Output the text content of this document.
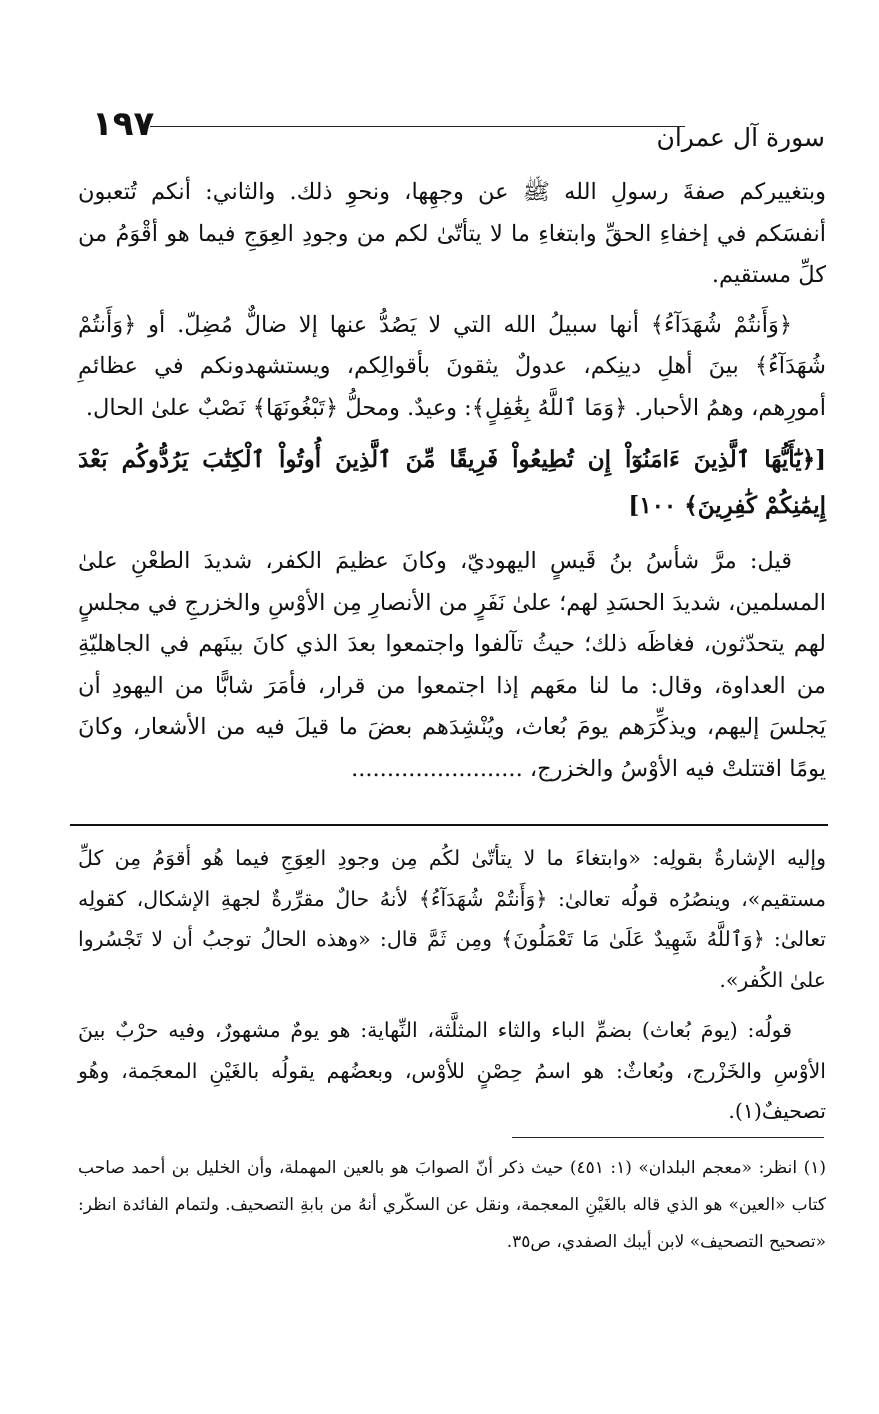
١٩٧	سورة آل عمران

وبتغييركم صفةَ رسولِ الله ﷺ عن وجهِها، ونحوِ ذلك. والثاني: أنكم تُتعبون أنفسَكم في إخفاءِ الحقِّ وابتغاءِ ما لا يتأتّىٰ لكم من وجودِ العِوَجِ فيما هو أقْوَمُ من كلِّ مستقيم.

﴿وَأَنتُمْ شُهَدَآءُ﴾ أنها سبيلُ الله التي لا يَصُدُّ عنها إلا ضالٌّ مُضِلّ. أو ﴿وَأَنتُمْ شُهَدَآءُ﴾ بينَ أهلِ دينِكم، عدولٌ يثقونَ بأقوالِكم، ويستشهدونكم في عظائمِ أمورِهم، وهمُ الأحبار. ﴿وَمَا ٱللَّهُ بِغَٰفِلٍ﴾: وعيدٌ. ومحلُّ ﴿تَبْغُونَهَا﴾ نَصْبٌ علىٰ الحال.

[﴿يَٰٓأَيُّهَا ٱلَّذِينَ ءَامَنُوٓاْ إِن تُطِيعُواْ فَرِيقًا مِّنَ ٱلَّذِينَ أُوتُواْ ٱلْكِتَٰبَ يَرُدُّوكُم بَعْدَ إِيمَٰنِكُمْ كَٰفِرِينَ﴾ ١٠٠]

قيل: مرَّ شأسُ بنُ قَيسٍ اليهوديّ، وكانَ عظيمَ الكفر، شديدَ الطعْنِ علىٰ المسلمين، شديدَ الحسَدِ لهم؛ علىٰ نَفَرٍ من الأنصارِ مِن الأوْسِ والخزرجِ في مجلسٍ لهم يتحدّثون، فغاظَه ذلك؛ حيثُ تآلفوا واجتمعوا بعدَ الذي كانَ بينَهم في الجاهليّةِ من العداوة، وقال: ما لنا معَهم إذا اجتمعوا من قرار، فأمَرَ شابًّا من اليهودِ أن يَجلسَ إليهم، ويذكِّرَهم يومَ بُعاث، ويُنْشِدَهم بعضَ ما قيلَ فيه من الأشعار، وكانَ يومًا اقتتلتْ فيه الأوْسُ والخزرج، ........................

وإليه الإشارةُ بقولِه: «وابتغاءَ ما لا يتأتّىٰ لكُم مِن وجودِ العِوَجِ فيما هُو أقوَمُ مِن كلِّ مستقيم»، وينصُرُه قولُه تعالىٰ: ﴿وَأَنتُمْ شُهَدَآءُ﴾ لأنهُ حالٌ مقرِّرةٌ لجهةِ الإشكال، كقولِه تعالىٰ: ﴿وَٱللَّهُ شَهِيدٌ عَلَىٰ مَا تَعْمَلُونَ﴾ ومِن ثَمَّ قال: «وهذه الحالُ توجبُ أن لا تَجْسُروا علىٰ الكُفر».

قولُه: (يومَ بُعاث) بضمِّ الباء والثاء المثلَّثة، النِّهاية: هو يومٌ مشهورٌ، وفيه حرْبٌ بينَ الأوْسِ والخَزْرج، وبُعاثٌ: هو اسمُ حِصْنٍ للأوْس، وبعضُهم يقولُه بالغَيْنِ المعجَمة، وهُو تصحيفٌ(١).

(١) انظر: «معجم البلدان» (١: ٤٥١) حيث ذكر أنّ الصوابَ هو بالعين المهملة، وأن الخليل بن أحمد صاحب كتاب «العين» هو الذي قاله بالغَيْنِ المعجمة، ونقل عن السكّري أنهُ من بابةِ التصحيف. ولتمام الفائدة انظر: «تصحيح التصحيف» لابن أيبك الصفدي، ص٣٥.
